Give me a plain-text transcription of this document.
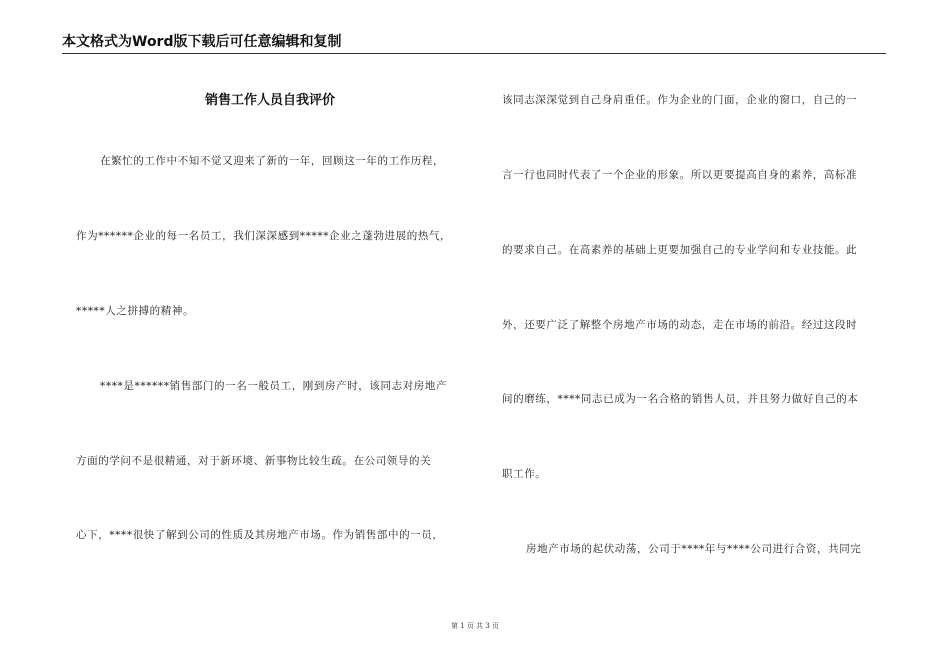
本文格式为Word版下载后可任意编辑和复制
销售工作人员自我评价
在繁忙的工作中不知不觉又迎来了新的一年，回顾这一年的工作历程，
作为******企业的每一名员工，我们深深感到*****企业之蓬勃进展的热气，
*****人之拼搏的精神。
****是******销售部门的一名一般员工，刚到房产时，该同志对房地产
方面的学问不是很精通，对于新环境、新事物比较生疏。在公司领导的关
心下，****很快了解到公司的性质及其房地产市场。作为销售部中的一员，
该同志深深觉到自己身肩重任。作为企业的门面，企业的窗口，自己的一
言一行也同时代表了一个企业的形象。所以更要提高自身的素养，高标准
的要求自己。在高素养的基础上更要加强自己的专业学问和专业技能。此
外，还要广泛了解整个房地产市场的动态，走在市场的前沿。经过这段时
间的磨练，****同志已成为一名合格的销售人员，并且努力做好自己的本
职工作。
房地产市场的起伏动荡，公司于****年与****公司进行合资，共同完
第 1 页 共 3 页
